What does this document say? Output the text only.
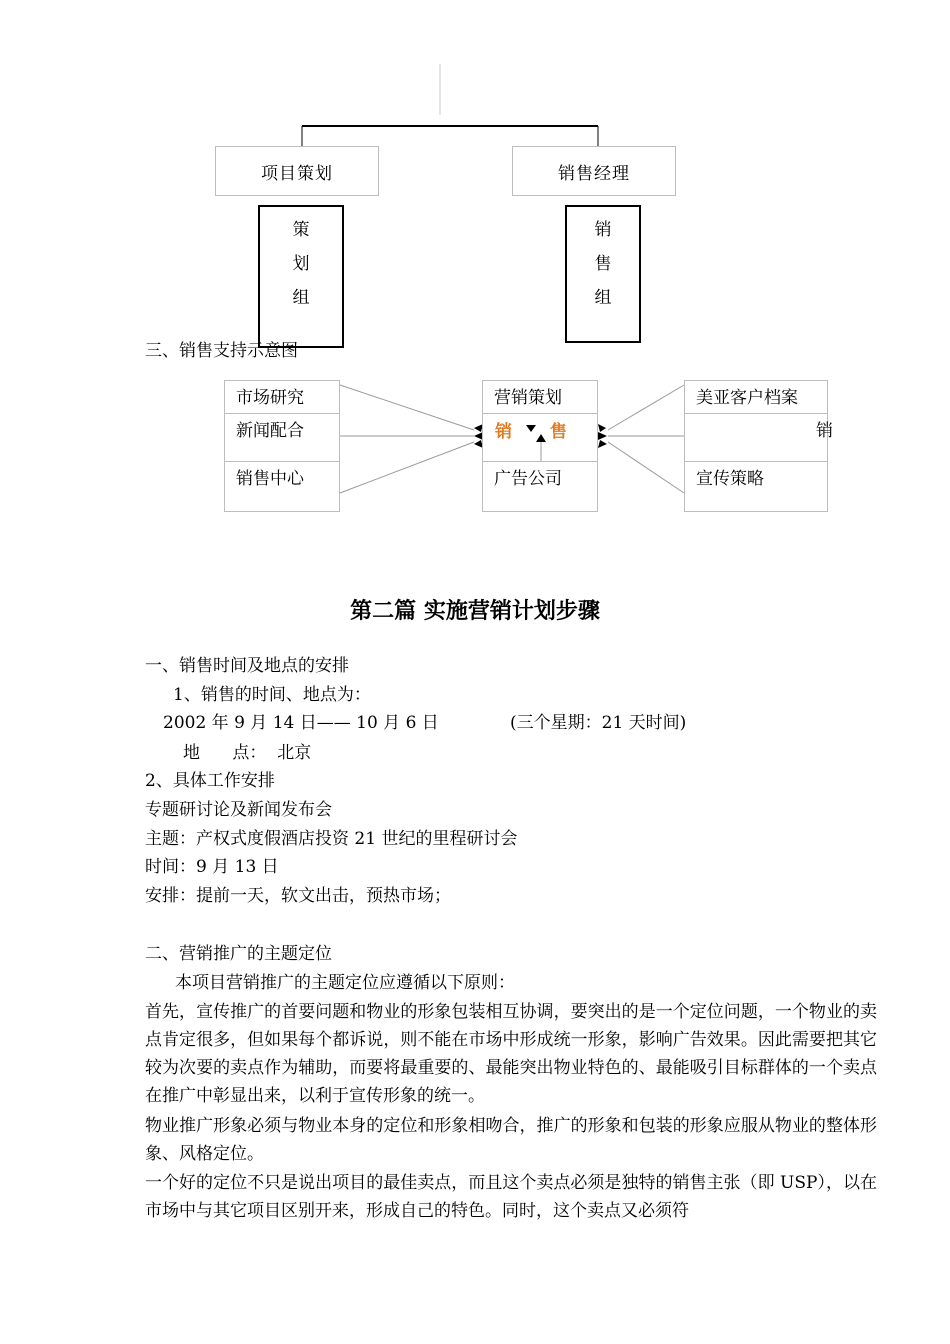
项目策划	销售经理
策
划
组
销
售
组
三、销售支持示意图
市场研究
新闻配合
销售中心
营销策划
销 售
广告公司
美亚客户档案
销
宣传策略
第二篇 实施营销计划步骤
一、销售时间及地点的安排
1、销售的时间、地点为：
2002 年 9 月 14 日—— 10 月 6 日	(三个星期：21 天时间)
地      点：  北京
2、具体工作安排
专题研讨论及新闻发布会
主题：产权式度假酒店投资 21 世纪的里程研讨会
时间：9 月 13 日
安排：提前一天，软文出击，预热市场；
二、营销推广的主题定位
本项目营销推广的主题定位应遵循以下原则：
首先，宣传推广的首要问题和物业的形象包装相互协调，要突出的是一个定位问题，一个物业的卖点肯定很多，但如果每个都诉说，则不能在市场中形成统一形象，影响广告效果。因此需要把其它较为次要的卖点作为辅助，而要将最重要的、最能突出物业特色的、最能吸引目标群体的一个卖点在推广中彰显出来，以利于宣传形象的统一。
物业推广形象必须与物业本身的定位和形象相吻合，推广的形象和包装的形象应服从物业的整体形象、风格定位。
一个好的定位不只是说出项目的最佳卖点，而且这个卖点必须是独特的销售主张（即 USP），以在市场中与其它项目区别开来，形成自己的特色。同时，这个卖点又必须符
